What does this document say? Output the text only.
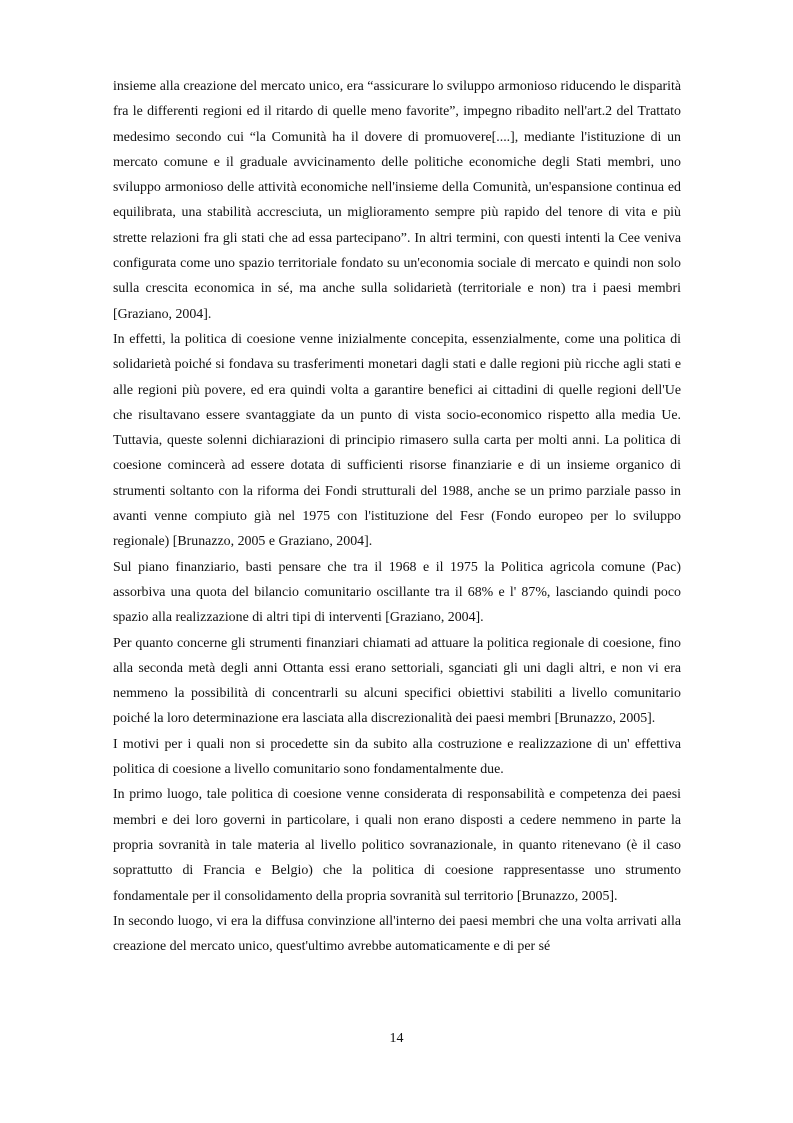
insieme alla creazione del mercato unico, era “assicurare lo sviluppo armonioso riducendo le disparità fra le differenti regioni ed il ritardo di quelle meno favorite”, impegno ribadito nell'art.2 del Trattato medesimo secondo cui “la Comunità ha il dovere di promuovere[....], mediante l'istituzione di un mercato comune e il graduale avvicinamento delle politiche economiche degli Stati membri, uno sviluppo armonioso delle attività economiche nell'insieme della Comunità, un'espansione continua ed equilibrata, una stabilità accresciuta, un miglioramento sempre più rapido del tenore di vita e più strette relazioni fra gli stati che ad essa partecipano”. In altri termini, con questi intenti la Cee veniva configurata come uno spazio territoriale fondato su un'economia sociale di mercato e quindi non solo sulla crescita economica in sé, ma anche sulla solidarietà (territoriale e non) tra i paesi membri [Graziano, 2004].

In effetti, la politica di coesione venne inizialmente concepita, essenzialmente, come una politica di solidarietà poiché si fondava su trasferimenti monetari dagli stati e dalle regioni più ricche agli stati e alle regioni più povere, ed era quindi volta a garantire benefici ai cittadini di quelle regioni dell'Ue che risultavano essere svantaggiate da un punto di vista socio-economico rispetto alla media Ue. Tuttavia, queste solenni dichiarazioni di principio rimasero sulla carta per molti anni. La politica di coesione comincerà ad essere dotata di sufficienti risorse finanziarie e di un insieme organico di strumenti soltanto con la riforma dei Fondi strutturali del 1988, anche se un primo parziale passo in avanti venne compiuto già nel 1975 con l'istituzione del Fesr (Fondo europeo per lo sviluppo regionale) [Brunazzo, 2005 e Graziano, 2004].

Sul piano finanziario, basti pensare che tra il 1968 e il 1975 la Politica agricola comune (Pac) assorbiva una quota del bilancio comunitario oscillante tra il 68% e l' 87%, lasciando quindi poco spazio alla realizzazione di altri tipi di interventi [Graziano, 2004].

Per quanto concerne gli strumenti finanziari chiamati ad attuare la politica regionale di coesione, fino alla seconda metà degli anni Ottanta essi erano settoriali, sganciati gli uni dagli altri, e non vi era nemmeno la possibilità di concentrarli su alcuni specifici obiettivi stabiliti a livello comunitario poiché la loro determinazione era lasciata alla discrezionalità dei paesi membri [Brunazzo, 2005].

I motivi per i quali non si procedette sin da subito alla costruzione e realizzazione di un' effettiva politica di coesione a livello comunitario sono fondamentalmente due.

In primo luogo, tale politica di coesione venne considerata di responsabilità e competenza dei paesi membri e dei loro governi in particolare, i quali non erano disposti a cedere nemmeno in parte la propria sovranità in tale materia al livello politico sovranazionale, in quanto ritenevano (è il caso soprattutto di Francia e Belgio) che la politica di coesione rappresentasse uno strumento fondamentale per il consolidamento della propria sovranità sul territorio [Brunazzo, 2005].

In secondo luogo, vi era la diffusa convinzione all'interno dei paesi membri che una volta arrivati alla creazione del mercato unico, quest'ultimo avrebbe automaticamente e di per sé

14
